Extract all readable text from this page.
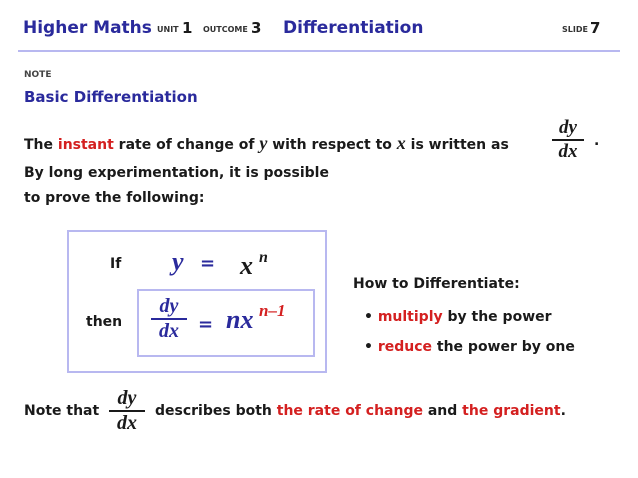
Higher Maths UNIT 1 OUTCOME 3 Differentiation	SLIDE 7
NOTE
Basic Differentiation
The instant rate of change of y with respect to x is written as
dy
dx	.
By long experimentation, it is possible
to prove the following:
If y = x n
then
dy
dx	= nx n–1
How to Differentiate:
• multiply by the power
• reduce the power by one
Note that
dy
dx
describes both the rate of change and the gradient.
